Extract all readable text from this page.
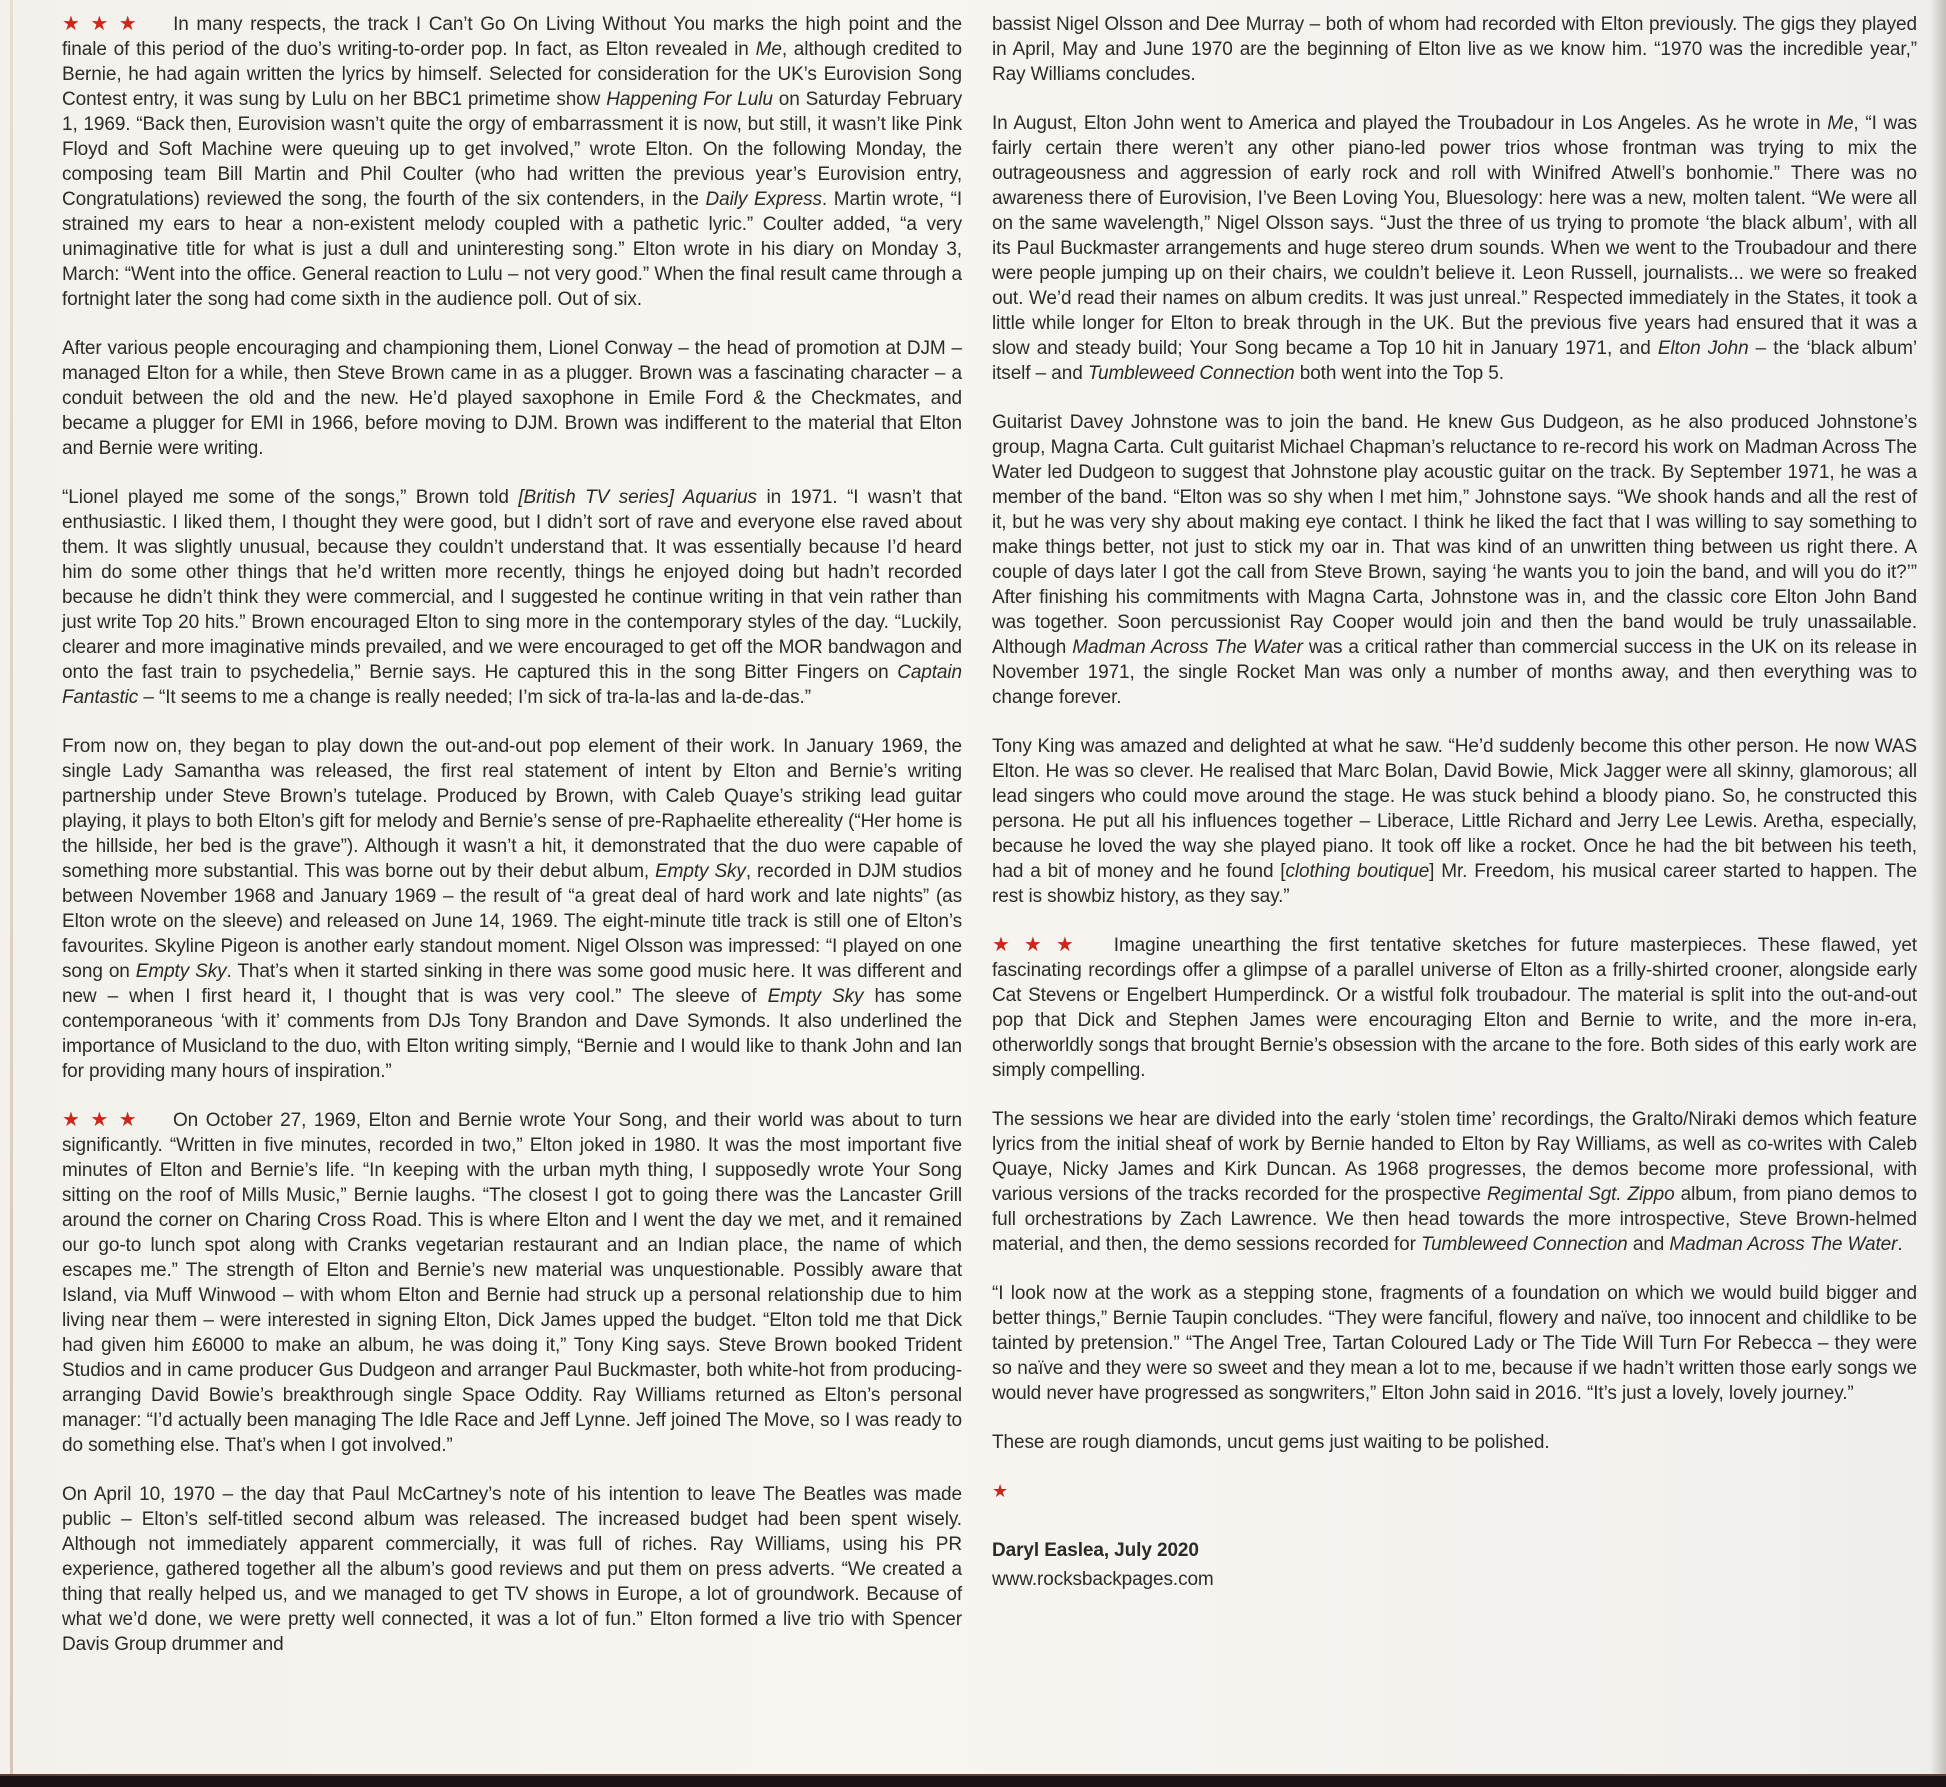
★★★ In many respects, the track I Can’t Go On Living Without You marks the high point and the finale of this period of the duo’s writing-to-order pop. In fact, as Elton revealed in Me, although credited to Bernie, he had again written the lyrics by himself. Selected for consideration for the UK’s Eurovision Song Contest entry, it was sung by Lulu on her BBC1 primetime show Happening For Lulu on Saturday February 1, 1969. “Back then, Eurovision wasn’t quite the orgy of embarrassment it is now, but still, it wasn’t like Pink Floyd and Soft Machine were queuing up to get involved,” wrote Elton. On the following Monday, the composing team Bill Martin and Phil Coulter (who had written the previous year’s Eurovision entry, Congratulations) reviewed the song, the fourth of the six contenders, in the Daily Express. Martin wrote, “I strained my ears to hear a non-existent melody coupled with a pathetic lyric.” Coulter added, “a very unimaginative title for what is just a dull and uninteresting song.” Elton wrote in his diary on Monday 3, March: “Went into the office. General reaction to Lulu – not very good.” When the final result came through a fortnight later the song had come sixth in the audience poll. Out of six.

After various people encouraging and championing them, Lionel Conway – the head of promotion at DJM – managed Elton for a while, then Steve Brown came in as a plugger. Brown was a fascinating character – a conduit between the old and the new. He’d played saxophone in Emile Ford & the Checkmates, and became a plugger for EMI in 1966, before moving to DJM. Brown was indifferent to the material that Elton and Bernie were writing.

“Lionel played me some of the songs,” Brown told [British TV series] Aquarius in 1971. “I wasn’t that enthusiastic. I liked them, I thought they were good, but I didn’t sort of rave and everyone else raved about them. It was slightly unusual, because they couldn’t understand that. It was essentially because I’d heard him do some other things that he’d written more recently, things he enjoyed doing but hadn’t recorded because he didn’t think they were commercial, and I suggested he continue writing in that vein rather than just write Top 20 hits.” Brown encouraged Elton to sing more in the contemporary styles of the day. “Luckily, clearer and more imaginative minds prevailed, and we were encouraged to get off the MOR bandwagon and onto the fast train to psychedelia,” Bernie says. He captured this in the song Bitter Fingers on Captain Fantastic – “It seems to me a change is really needed; I’m sick of tra-la-las and la-de-das.”

From now on, they began to play down the out-and-out pop element of their work. In January 1969, the single Lady Samantha was released, the first real statement of intent by Elton and Bernie’s writing partnership under Steve Brown’s tutelage. Produced by Brown, with Caleb Quaye’s striking lead guitar playing, it plays to both Elton’s gift for melody and Bernie’s sense of pre-Raphaelite ethereality (“Her home is the hillside, her bed is the grave”). Although it wasn’t a hit, it demonstrated that the duo were capable of something more substantial. This was borne out by their debut album, Empty Sky, recorded in DJM studios between November 1968 and January 1969 – the result of “a great deal of hard work and late nights” (as Elton wrote on the sleeve) and released on June 14, 1969. The eight-minute title track is still one of Elton’s favourites. Skyline Pigeon is another early standout moment. Nigel Olsson was impressed: “I played on one song on Empty Sky. That’s when it started sinking in there was some good music here. It was different and new – when I first heard it, I thought that is was very cool.” The sleeve of Empty Sky has some contemporaneous ‘with it’ comments from DJs Tony Brandon and Dave Symonds. It also underlined the importance of Musicland to the duo, with Elton writing simply, “Bernie and I would like to thank John and Ian for providing many hours of inspiration.”

★★★ On October 27, 1969, Elton and Bernie wrote Your Song, and their world was about to turn significantly. “Written in five minutes, recorded in two,” Elton joked in 1980. It was the most important five minutes of Elton and Bernie’s life. “In keeping with the urban myth thing, I supposedly wrote Your Song sitting on the roof of Mills Music,” Bernie laughs. “The closest I got to going there was the Lancaster Grill around the corner on Charing Cross Road. This is where Elton and I went the day we met, and it remained our go-to lunch spot along with Cranks vegetarian restaurant and an Indian place, the name of which escapes me.” The strength of Elton and Bernie’s new material was unquestionable. Possibly aware that Island, via Muff Winwood – with whom Elton and Bernie had struck up a personal relationship due to him living near them – were interested in signing Elton, Dick James upped the budget. “Elton told me that Dick had given him £6000 to make an album, he was doing it,” Tony King says. Steve Brown booked Trident Studios and in came producer Gus Dudgeon and arranger Paul Buckmaster, both white-hot from producing-arranging David Bowie’s breakthrough single Space Oddity. Ray Williams returned as Elton’s personal manager: “I’d actually been managing The Idle Race and Jeff Lynne. Jeff joined The Move, so I was ready to do something else. That’s when I got involved.”

On April 10, 1970 – the day that Paul McCartney’s note of his intention to leave The Beatles was made public – Elton’s self-titled second album was released. The increased budget had been spent wisely. Although not immediately apparent commercially, it was full of riches. Ray Williams, using his PR experience, gathered together all the album’s good reviews and put them on press adverts. “We created a thing that really helped us, and we managed to get TV shows in Europe, a lot of groundwork. Because of what we’d done, we were pretty well connected, it was a lot of fun.” Elton formed a live trio with Spencer Davis Group drummer and

bassist Nigel Olsson and Dee Murray – both of whom had recorded with Elton previously. The gigs they played in April, May and June 1970 are the beginning of Elton live as we know him. “1970 was the incredible year,” Ray Williams concludes.

In August, Elton John went to America and played the Troubadour in Los Angeles. As he wrote in Me, “I was fairly certain there weren’t any other piano-led power trios whose frontman was trying to mix the outrageousness and aggression of early rock and roll with Winifred Atwell’s bonhomie.” There was no awareness there of Eurovision, I’ve Been Loving You, Bluesology: here was a new, molten talent. “We were all on the same wavelength,” Nigel Olsson says. “Just the three of us trying to promote ‘the black album’, with all its Paul Buckmaster arrangements and huge stereo drum sounds. When we went to the Troubadour and there were people jumping up on their chairs, we couldn’t believe it. Leon Russell, journalists... we were so freaked out. We’d read their names on album credits. It was just unreal.” Respected immediately in the States, it took a little while longer for Elton to break through in the UK. But the previous five years had ensured that it was a slow and steady build; Your Song became a Top 10 hit in January 1971, and Elton John – the ‘black album’ itself – and Tumbleweed Connection both went into the Top 5.

Guitarist Davey Johnstone was to join the band. He knew Gus Dudgeon, as he also produced Johnstone’s group, Magna Carta. Cult guitarist Michael Chapman’s reluctance to re-record his work on Madman Across The Water led Dudgeon to suggest that Johnstone play acoustic guitar on the track. By September 1971, he was a member of the band. “Elton was so shy when I met him,” Johnstone says. “We shook hands and all the rest of it, but he was very shy about making eye contact. I think he liked the fact that I was willing to say something to make things better, not just to stick my oar in. That was kind of an unwritten thing between us right there. A couple of days later I got the call from Steve Brown, saying ‘he wants you to join the band, and will you do it?’” After finishing his commitments with Magna Carta, Johnstone was in, and the classic core Elton John Band was together. Soon percussionist Ray Cooper would join and then the band would be truly unassailable. Although Madman Across The Water was a critical rather than commercial success in the UK on its release in November 1971, the single Rocket Man was only a number of months away, and then everything was to change forever.

Tony King was amazed and delighted at what he saw. “He’d suddenly become this other person. He now WAS Elton. He was so clever. He realised that Marc Bolan, David Bowie, Mick Jagger were all skinny, glamorous; all lead singers who could move around the stage. He was stuck behind a bloody piano. So, he constructed this persona. He put all his influences together – Liberace, Little Richard and Jerry Lee Lewis. Aretha, especially, because he loved the way she played piano. It took off like a rocket. Once he had the bit between his teeth, had a bit of money and he found [clothing boutique] Mr. Freedom, his musical career started to happen. The rest is showbiz history, as they say.”

★★★ Imagine unearthing the first tentative sketches for future masterpieces. These flawed, yet fascinating recordings offer a glimpse of a parallel universe of Elton as a frilly-shirted crooner, alongside early Cat Stevens or Engelbert Humperdinck. Or a wistful folk troubadour. The material is split into the out-and-out pop that Dick and Stephen James were encouraging Elton and Bernie to write, and the more in-era, otherworldly songs that brought Bernie’s obsession with the arcane to the fore. Both sides of this early work are simply compelling.

The sessions we hear are divided into the early ‘stolen time’ recordings, the Gralto/Niraki demos which feature lyrics from the initial sheaf of work by Bernie handed to Elton by Ray Williams, as well as co-writes with Caleb Quaye, Nicky James and Kirk Duncan. As 1968 progresses, the demos become more professional, with various versions of the tracks recorded for the prospective Regimental Sgt. Zippo album, from piano demos to full orchestrations by Zach Lawrence. We then head towards the more introspective, Steve Brown-helmed material, and then, the demo sessions recorded for Tumbleweed Connection and Madman Across The Water.

“I look now at the work as a stepping stone, fragments of a foundation on which we would build bigger and better things,” Bernie Taupin concludes. “They were fanciful, flowery and naïve, too innocent and childlike to be tainted by pretension.” “The Angel Tree, Tartan Coloured Lady or The Tide Will Turn For Rebecca – they were so naïve and they were so sweet and they mean a lot to me, because if we hadn’t written those early songs we would never have progressed as songwriters,” Elton John said in 2016. “It’s just a lovely, lovely journey.”

These are rough diamonds, uncut gems just waiting to be polished.

★

Daryl Easlea, July 2020

www.rocksbackpages.com
